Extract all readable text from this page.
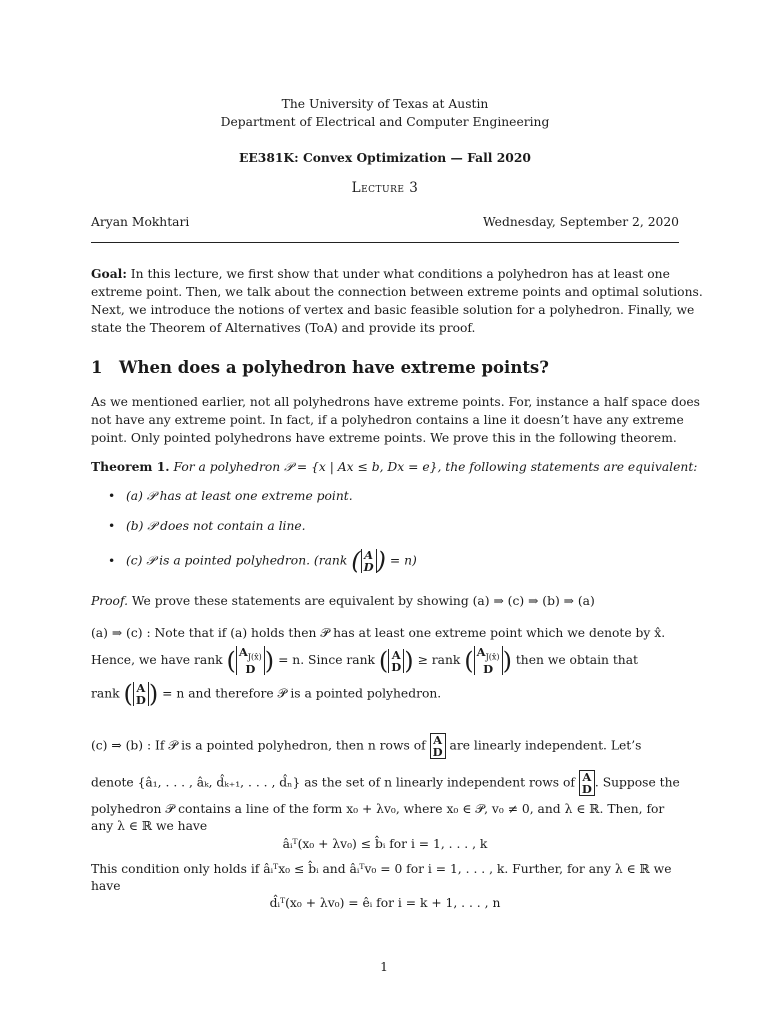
The University of Texas at Austin
Department of Electrical and Computer Engineering
EE381K: Convex Optimization — Fall 2020
Lecture 3
Aryan Mokhtari	Wednesday, September 2, 2020
Goal: In this lecture, we first show that under what conditions a polyhedron has at least one
extreme point. Then, we talk about the connection between extreme points and optimal solutions.
Next, we introduce the notions of vertex and basic feasible solution for a polyhedron. Finally, we
state the Theorem of Alternatives (ToA) and provide its proof.
1 When does a polyhedron have extreme points?
As we mentioned earlier, not all polyhedrons have extreme points. For, instance a half space does
not have any extreme point. In fact, if a polyhedron contains a line it doesn’t have any extreme
point. Only pointed polyhedrons have extreme points. We prove this in the following theorem.
Theorem 1. For a polyhedron 𝒫 = {x | Ax ≤ b, Dx = e}, the following statements are equivalent:
• (a) 𝒫 has at least one extreme point.
• (b) 𝒫 does not contain a line.
• (c) 𝒫 is a pointed polyhedron. (rank ( A
D ) = n)
Proof. We prove these statements are equivalent by showing (a) ⇒ (c) ⇒ (b) ⇒ (a)
(a) ⇒ (c) : Note that if (a) holds then 𝒫 has at least one extreme point which we denote by x̂.
Hence, we have rank ( $A_{J(x̂)}$
D ) = n. Since rank ( A
D ) ≥ rank ( $A_{J(x̂)}$
D ) then we obtain that
rank ( A
D ) = n and therefore 𝒫 is a pointed polyhedron.
(c) ⇒ (b) : If 𝒫 is a pointed polyhedron, then n rows of A
D are linearly independent. Let’s
denote {â₁, . . . , âₖ, d̂ₖ₊₁, . . . , d̂ₙ} as the set of n linearly independent rows of A
D . Suppose the
polyhedron 𝒫 contains a line of the form x₀ + λv₀, where x₀ ∈ 𝒫, v₀ ≠ 0, and λ ∈ ℝ. Then, for
any λ ∈ ℝ we have
âᵢᵀ(x₀ + λv₀) ≤ b̂ᵢ for i = 1, . . . , k
This condition only holds if âᵢᵀx₀ ≤ b̂ᵢ and âᵢᵀv₀ = 0 for i = 1, . . . , k. Further, for any λ ∈ ℝ we
have
d̂ᵢᵀ(x₀ + λv₀) = êᵢ for i = k + 1, . . . , n
1
